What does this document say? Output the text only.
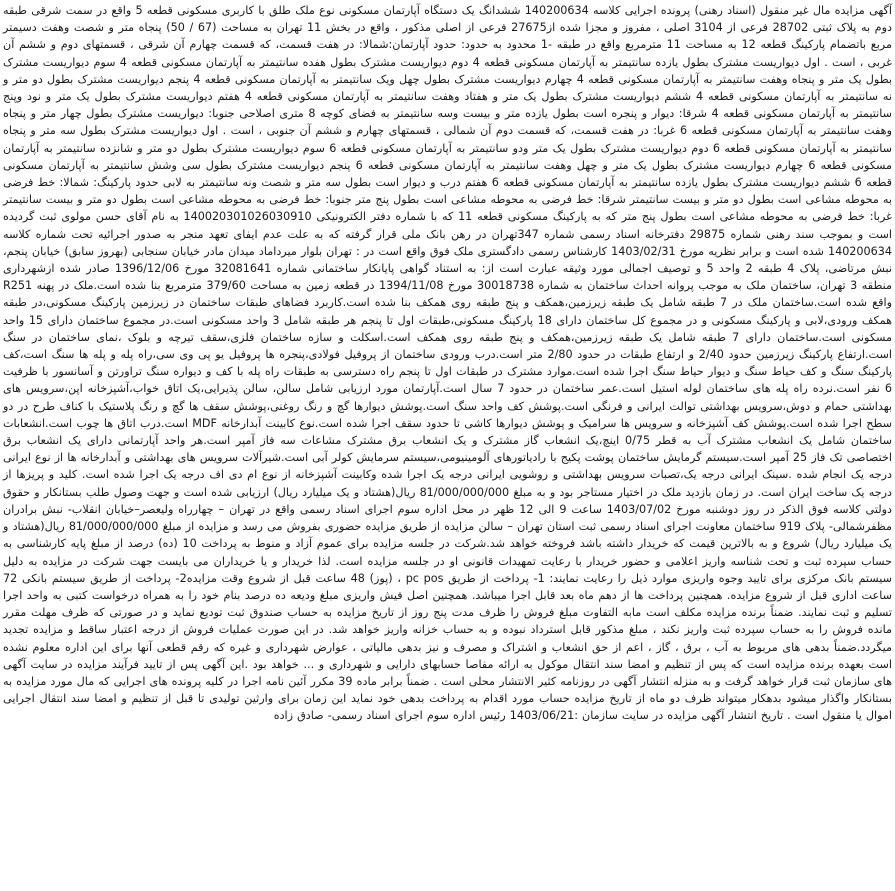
آگهی مزایده مال غیر منقول (اسناد رهنی) پرونده اجرایی کلاسه 140200634 ششدانگ یک دستگاه آپارتمان مسکونی نوع ملک طلق با کاربری مسکونی قطعه 5 واقع در سمت شرقی طبقه دوم به پلاک ثبتی 28702 فرعی از 3104 اصلی ، مفروز و مجزا شده از27675 فرعی از اصلی مذکور ، واقع در بخش 11 تهران به مساحت (67 / 50) پنجاه متر و شصت وهفت دسیمتر مربع باتضمام پارکینگ قطعه 12 به مساحت 11 مترمربع واقع در طبقه -1 محدود به حدود: حدود آپارتمان:شمالا: در هفت قسمت، که قسمت چهارم آن شرقی ، قسمتهای دوم و ششم آن غربی ، است . اول دیواریست مشترک بطول یازده سانتیمتر به آپارتمان مسکونی قطعه 4 دوم دیواریست مشترک بطول هفده سانتیمتر به آپارتمان مسکونی قطعه 4 سوم دیواریست مشترک بطول یک متر و پنجاه وهفت سانتیمتر به آپارتمان مسکونی قطعه 4 چهارم دیواریست مشترک بطول چهل ویک سانتیمتر به آپارتمان مسکونی قطعه 4 پنجم دیواریست مشترک بطول دو متر و نه سانتیمتر به آپارتمان مسکونی قطعه 4 ششم دیواریست مشترک بطول یک متر و هفتاد وهفت سانتیمتر به آپارتمان مسکونی قطعه 4 هفتم دیواریست مشترک بطول یک متر و نود وپنج سانتیمتر به آپارتمان مسکونی قطعه 4 شرقا: دیوار و پنجره است بطول یازده متر و بیست وسه سانتیمتر به فضای کوچه 8 متری اصلاحی جنوبا: دیواریست مشترک بطول چهار متر و پنجاه وهفت سانتیمتر به آپارتمان مسکونی قطعه 6 غربا: در هفت قسمت، که قسمت دوم آن شمالی ، قسمتهای چهارم و ششم آن جنوبی ، است . اول دیواریست مشترک بطول سه متر و پنجاه سانتیمتر به آپارتمان مسکونی قطعه 6 دوم دیواریست مشترک بطول یک متر ودو سانتیمتر به آپارتمان مسکونی قطعه 6 سوم دیواریست مشترک بطول دو متر و شانزده سانتیمتر به آپارتمان مسکونی قطعه 6 چهارم دیواریست مشترک بطول یک متر و چهل وهفت سانتیمتر به آپارتمان مسکونی قطعه 6 پنجم دیواریست مشترک بطول سی وشش سانتیمتر به آپارتمان مسکونی قطعه 6 ششم دیواریست مشترک بطول یازده سانتیمتر به آپارتمان مسکونی قطعه 6 هفتم درب و دیوار است بطول سه متر و شصت ونه سانتیمتر به لابی حدود پارکینگ: شمالا: خط فرضی به محوطه مشاعی است بطول دو متر و بیست سانتیمتر شرقا: خط فرضی به محوطه مشاعی است بطول پنج متر جنوبا: خط فرضی به محوطه مشاعی است بطول دو متر و بیست سانتیمتر غربا: خط فرضی به محوطه مشاعی است بطول پنج متر که به پارکینگ مسکونی قطعه 11 که با شماره دفتر الکترونیکی 140020301026030910 به نام آقای حسن مولوی ثبت گردیده است و بموجب سند رهنی شماره 29875 دفترخانه اسناد رسمی شماره 347تهران در رهن بانک ملی قرار گرفته که به علت عدم ایفای تعهد منجر به صدور اجرائیه تحت شماره کلاسه 140200634 شده است و برابر نظریه مورخ 1403/02/31 کارشناس رسمی دادگستری ملک فوق واقع است در : تهران بلوار میرداماد میدان مادر خیابان سنجابی (بهروز سابق) خیابان پنجم، نبش مرتاضی، پلاک 4 طبقه 2 واحد 5 و توصیف اجمالی مورد وثیقه عبارت است از: به استناد گواهی پایانکار ساختمانی شماره 32081641 مورخ 1396/12/06 صادر شده ازشهرداری منطقه 3 تهران، ساختمان ملک به موجب پروانه احداث ساختمان به شماره 30018738 مورخ 1394/11/08 در قطعه زمین به مساحت 379/60 مترمربع بنا شده است.ملک در پهنه R251 واقع شده است.ساختمان ملک در 7 طبقه شامل یک طبقه زیرزمین،همکف و پنج طبقه روی همکف بنا شده است.کاربرد فضاهای طبقات ساختمان در زیرزمین پارکینگ مسکونی،در طبقه همکف ورودی،لابی و پارکینگ مسکونی و در مجموع کل ساختمان دارای 18 پارکینگ مسکونی،طبقات اول تا پنجم هر طبقه شامل 3 واحد مسکونی است.در مجموع ساختمان دارای 15 واحد مسکونی است.ساختمان دارای 7 طبقه شامل یک طبقه زیرزمین،همکف و پنج طبقه روی همکف است.اسکلت و سازه ساختمان فلزی،سقف تیرچه و بلوک ،نمای ساختمان در سنگ است.ارتفاع پارکینگ زیرزمین حدود 2/40 و ارتفاع طبقات در حدود 2/80 متر است.درب ورودی ساختمان از پروفیل فولادی،پنجره ها پروفیل یو پی وی سی،راه پله و پله ها سنگ است،کف پارکینگ سنگ و کف حیاط سنگ و دیوار حیاط سنگ اجرا شده است.موارد مشترک در طبقات اول تا پنجم راه دسترسی به طبقات راه پله با کف و دیواره سنگ تراورتن و آسانسور با ظرفیت 6 نفر است.نرده راه پله های ساختمان لوله استیل است.عمر ساختمان در حدود 7 سال است.آپارتمان مورد ارزیابی شامل سالن، سالن پذیرایی،یک اتاق خواب،آشپزخانه اپن،سرویس های بهداشتی حمام و دوش،سرویس بهداشتی توالت ایرانی و فرنگی است.پوشش کف واحد سنگ است.پوشش دیوارها گچ و رنگ روغنی،پوشش سقف ها گچ و رنگ پلاستیک با کناف طرح در دو سطح اجرا شده است.پوشش کف آشپزخانه و سرویس ها سرامیک و پوشش دیوارها کاشی تا حدود سقف اجرا شده است.نوع کابینت آبدارخانه MDF است.درب اتاق ها چوب است.انشعابات ساختمان شامل یک انشعاب مشترک آب به قطر 0/75 اینچ،یک انشعاب گاز مشترک و یک انشعاب برق مشترک مشاعات سه فاز آمپر است.هر واحد آپارتمانی دارای یک انشعاب برق اختصاصی تک فاز 25 آمپر است.سیستم گرمایش ساختمان پوشت پکیج با رادیاتورهای آلومینیومی،سیستم سرمایش کولر آبی است.شیرآلات سرویس های بهداشتی و آبدارخانه ها از نوع ایرانی درجه یک انجام شده .سینک ایرانی درجه یک،تصبات سرویس بهداشتی و روشویی ایرانی درجه یک اجرا شده وکابینت آشپزخانه از نوع ام دی اف درجه یک اجرا شده است. کلید و پریزها از درجه یک ساخت ایران است. در زمان بازدید ملک در اختیار مستاجر بود و به مبلغ 81/000/000/000 ریال(هشتاد و یک میلیارد ریال) ارزیابی شده است و جهت وصول طلب بستانکار و حقوق دولتی کلاسه فوق الذکر در روز دوشنبه مورخ 1403/07/02 ساعت 9 الی 12 ظهر در محل اداره سوم اجرای اسناد رسمی واقع در تهران – چهارراه ولیعصر–خیابان انقلاب- نبش برادران مظفرشمالی- پلاک 919 ساختمان معاونت اجرای اسناد رسمی ثبت استان تهران – سالن مزایده از طریق مزایده حضوری بفروش می رسد و مزایده از مبلغ 81/000/000/000 ریال(هشتاد و یک میلیارد ریال) شروع و به بالاترین قیمت که خریدار داشته باشد فروخته خواهد شد.شرکت در جلسه مزایده برای عموم آزاد و منوط به پرداخت 10 (ده) درصد از مبلغ پایه کارشناسی به حساب سپرده ثبت و تحت شناسه واریز اعلامی و حضور خریدار با رعایت تمهیدات قانونی او در جلسه مزایده است. لذا خریدار و یا خریداران می بایست جهت شرکت در مزایده به دلیل سیستم بانک مرکزی برای تایید وجوه واریزی موارد ذیل را رعایت نمایند: 1- پرداخت از طریق pc pos ، (پوز) 48 ساعت قبل از شروع وقت مزایده2- پرداخت از طریق سیستم بانکی 72 ساعت اداری قبل از شروع مزایده. همچنین پرداخت ها از دهم ماه بعد قابل اجرا میباشد. همچنین اصل فیش واریزی مبلغ ودیعه ده درصد بنام خود را به همراه درخواست کتبی به واحد اجرا تسلیم و ثبت نمایند. ضمناً برنده مزایده مکلف است مابه التفاوت مبلغ فروش را ظرف مدت پنج روز از تاریخ مزایده به حساب صندوق ثبت تودیع نماید و در صورتی که ظرف مهلت مقرر مانده فروش را به حساب سپرده ثبت واریز نکند ، مبلغ مذکور قابل استرداد نبوده و به حساب خزانه واریز خواهد شد. در این صورت عملیات فروش از درجه اعتبار ساقط و مزایده تجدید میگردد.ضمناً بدهی های مربوط به آب ، برق ، گاز ، اعم از حق انشعاب و اشتراک و مصرف و نیز بدهی مالیاتی ، عوارض شهرداری و غیره که رقم قطعی آنها برای این اداره معلوم نشده است بعهده برنده مزایده است که پس از تنظیم و امضا سند انتقال موکول به ارائه مفاصا حسابهای دارایی و شهرداری و ... خواهد بود .این آگهی پس از تایید فرآیند مزایده در سایت آگهی های سازمان ثبت قرار خواهد گرفت و به منزله انتشار آگهی در روزنامه کثیر الانتشار محلی است . ضمناً برابر ماده 39 مکرر آئین نامه اجرا در کلیه پرونده های اجرایی که مال مورد مزایده به بستانکار واگذار میشود بدهکار میتواند ظرف دو ماه از تاریخ مزایده حساب مورد اقدام به پرداخت بدهی خود نماید این زمان برای وارثین تولیدی تا قبل از تنظیم و امضا سند انتقال اجرایی اموال یا منقول است . تاریخ انتشار آگهی مزایده در سایت سازمان :1403/06/21 رئیس اداره سوم اجرای اسناد رسمی- صادق زاده
